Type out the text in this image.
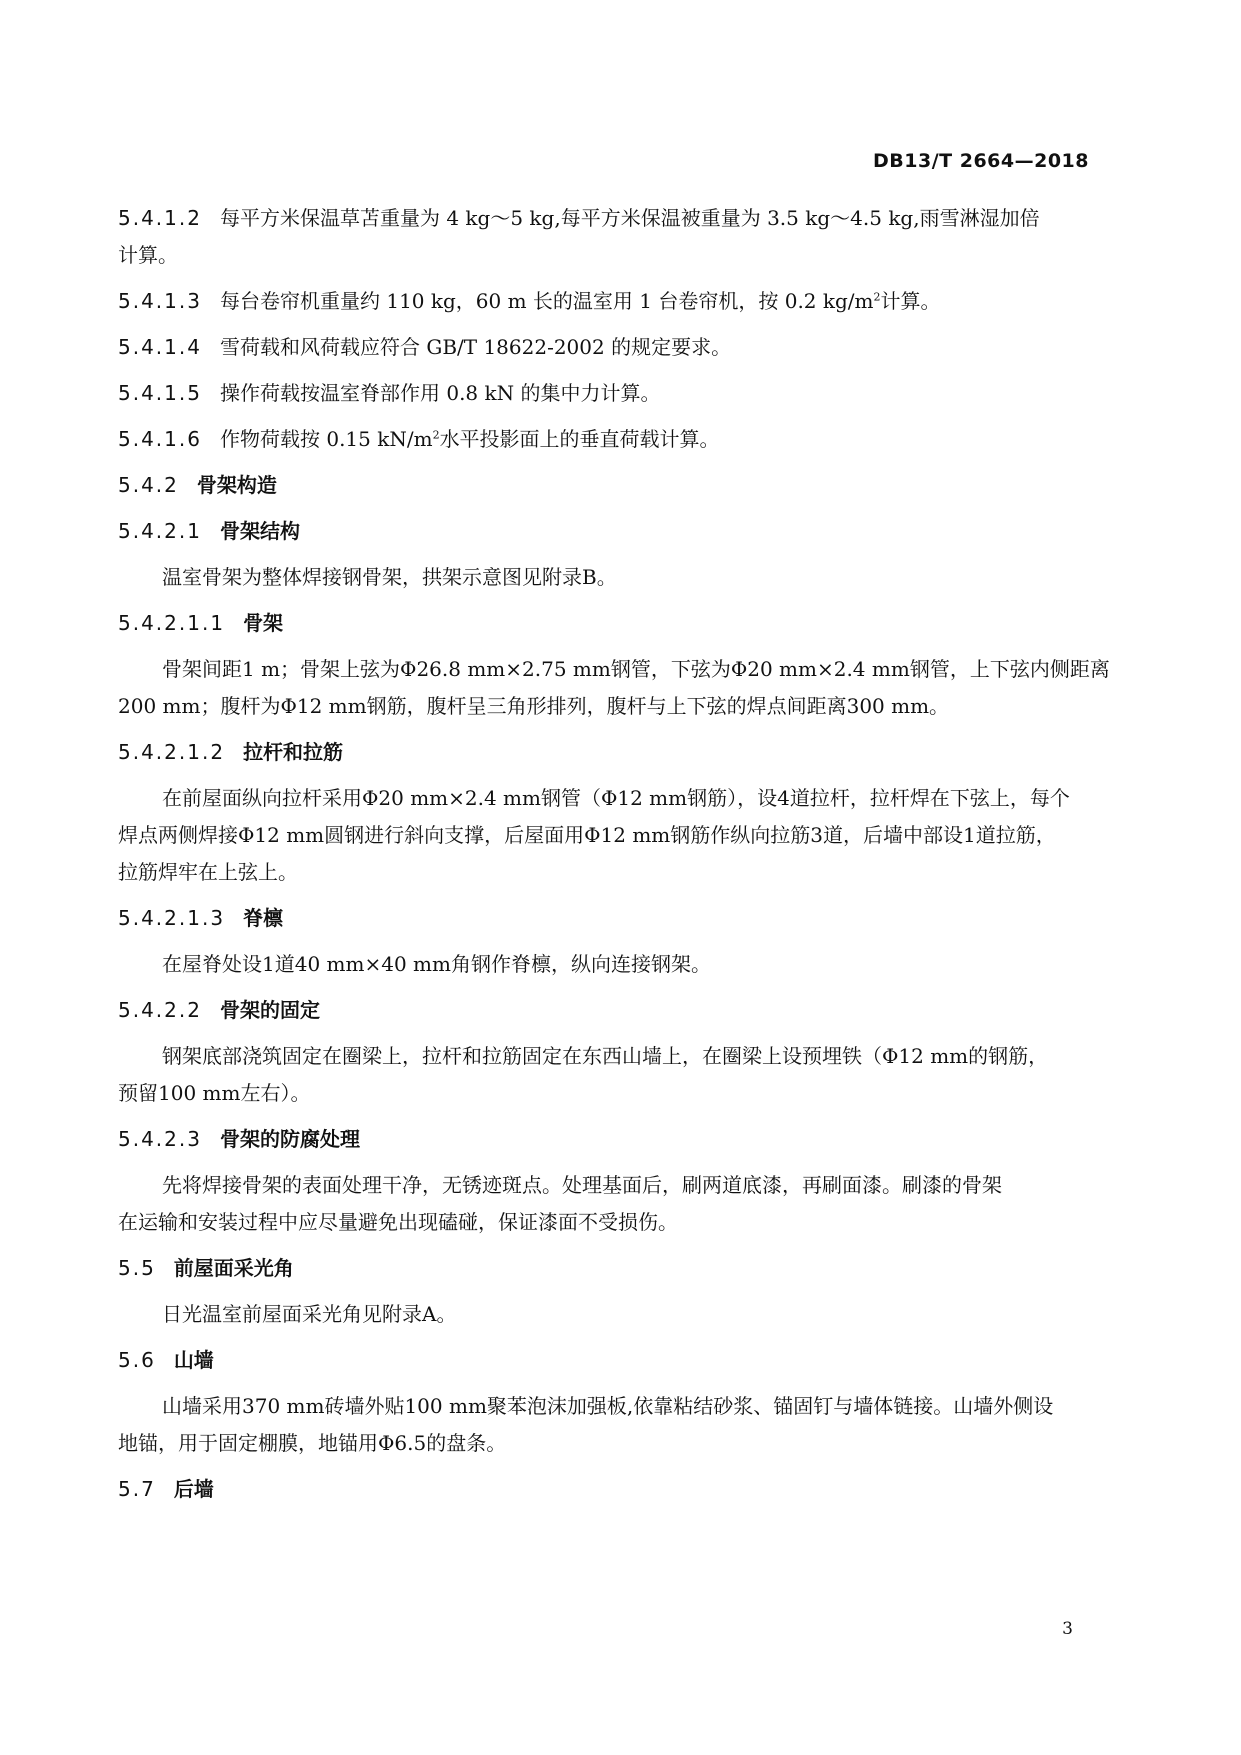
DB13/T 2664—2018

5.4.1.2 每平方米保温草苫重量为 4 kg～5 kg,每平方米保温被重量为 3.5 kg～4.5 kg,雨雪淋湿加倍

计算。

5.4.1.3 每台卷帘机重量约 110 kg，60 m 长的温室用 1 台卷帘机，按 0.2 $kg/m^2$计算。

5.4.1.4 雪荷载和风荷载应符合 GB/T 18622-2002 的规定要求。

5.4.1.5 操作荷载按温室脊部作用 0.8 kN 的集中力计算。

5.4.1.6 作物荷载按 0.15 $kN/m^2$水平投影面上的垂直荷载计算。

5.4.2 骨架构造

5.4.2.1 骨架结构

温室骨架为整体焊接钢骨架，拱架示意图见附录B。

5.4.2.1.1 骨架

骨架间距1 m；骨架上弦为Φ26.8 mm×2.75 mm钢管，下弦为Φ20 mm×2.4 mm钢管，上下弦内侧距离

200 mm；腹杆为Φ12 mm钢筋，腹杆呈三角形排列，腹杆与上下弦的焊点间距离300 mm。

5.4.2.1.2 拉杆和拉筋

在前屋面纵向拉杆采用Φ20 mm×2.4 mm钢管（Φ12 mm钢筋），设4道拉杆，拉杆焊在下弦上，每个

焊点两侧焊接Φ12 mm圆钢进行斜向支撑，后屋面用Φ12 mm钢筋作纵向拉筋3道，后墙中部设1道拉筋，

拉筋焊牢在上弦上。

5.4.2.1.3 脊檩

在屋脊处设1道40 mm×40 mm角钢作脊檩，纵向连接钢架。

5.4.2.2 骨架的固定

钢架底部浇筑固定在圈梁上，拉杆和拉筋固定在东西山墙上，在圈梁上设预埋铁（Φ12 mm的钢筋，

预留100 mm左右）。

5.4.2.3 骨架的防腐处理

先将焊接骨架的表面处理干净，无锈迹斑点。处理基面后，刷两道底漆，再刷面漆。刷漆的骨架

在运输和安装过程中应尽量避免出现磕碰，保证漆面不受损伤。

5.5 前屋面采光角

日光温室前屋面采光角见附录A。

5.6 山墙

山墙采用370 mm砖墙外贴100 mm聚苯泡沫加强板,依靠粘结砂浆、锚固钉与墙体链接。山墙外侧设

地锚，用于固定棚膜，地锚用Φ6.5的盘条。

5.7 后墙

3
